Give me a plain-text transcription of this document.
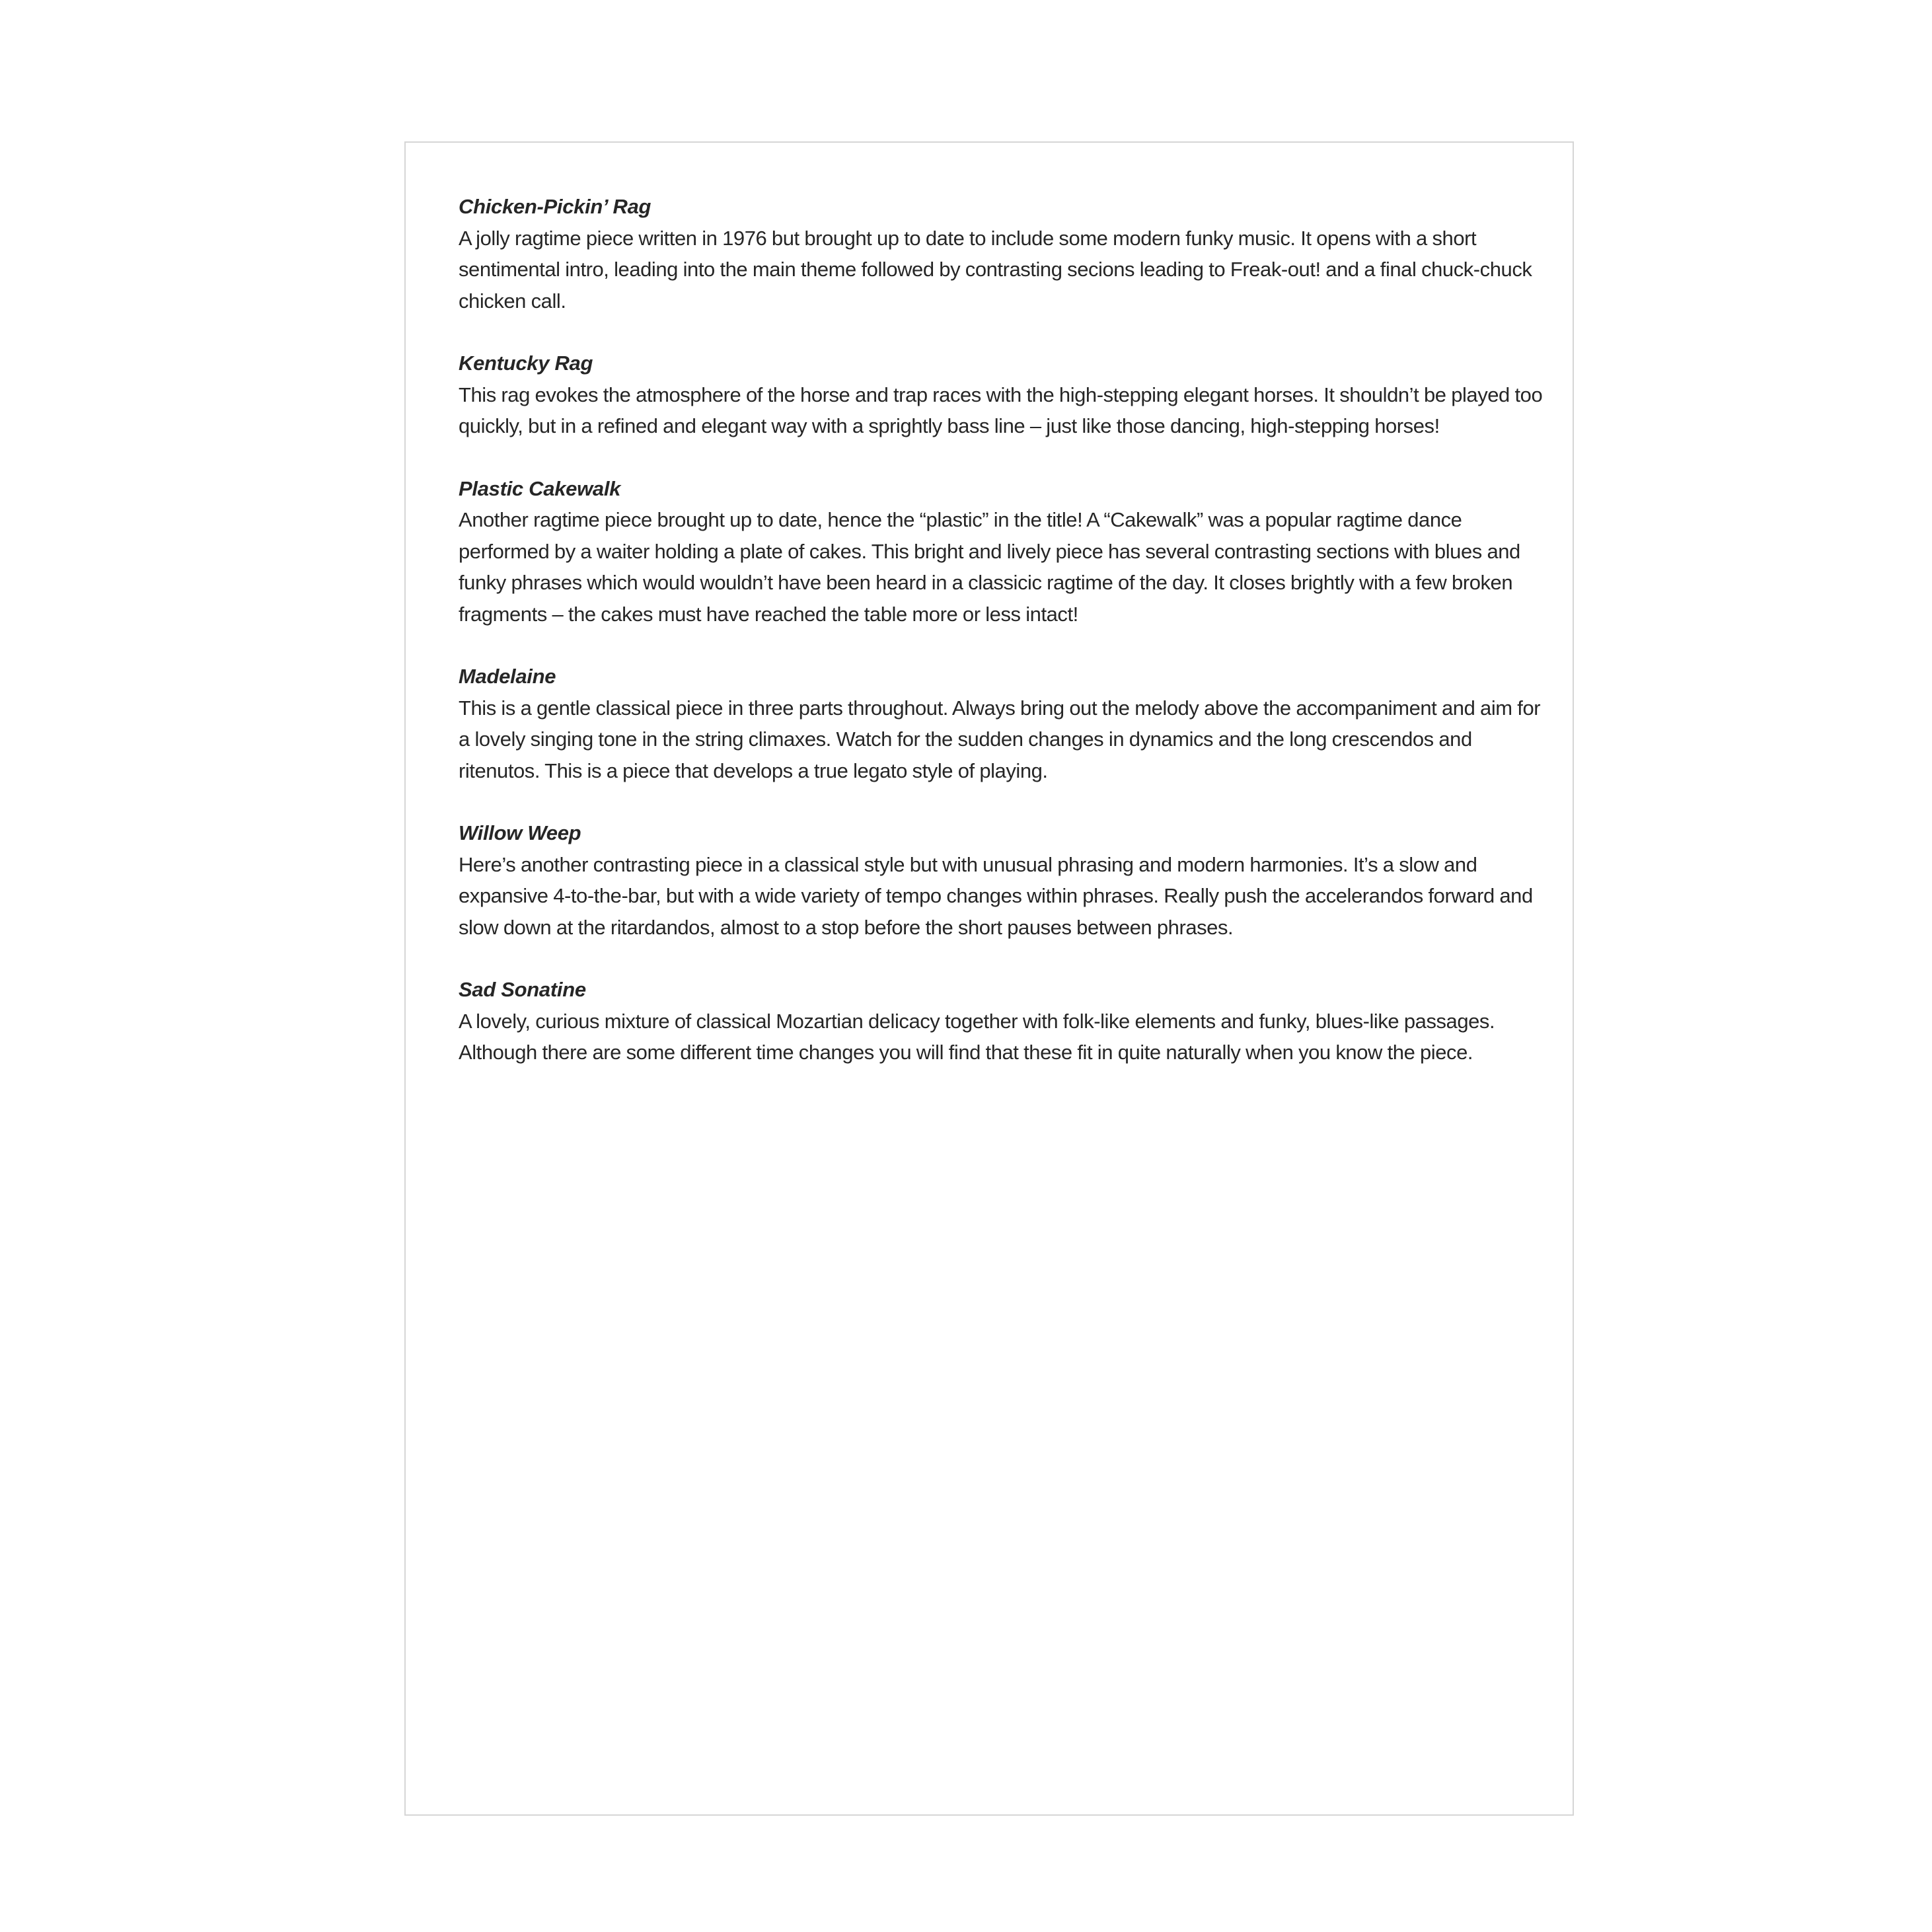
Chicken-Pickin’ Rag
A jolly ragtime piece written in 1976 but brought up to date to include some modern funky music. It opens with a short sentimental intro, leading into the main theme followed by contrasting secions leading to Freak-out! and a final chuck-chuck chicken call.
Kentucky Rag
This rag evokes the atmosphere of the horse and trap races with the high-stepping elegant horses. It shouldn’t be played too quickly, but in a refined and elegant way with a sprightly bass line – just like those dancing, high-stepping horses!
Plastic Cakewalk
Another ragtime piece brought up to date, hence the “plastic” in the title! A “Cakewalk” was a popular ragtime dance performed by a waiter holding a plate of cakes. This bright and lively piece has several contrasting sections with blues and funky phrases which would wouldn’t have been heard in a classicic ragtime of the day. It closes brightly with a few broken fragments – the cakes must have reached the table more or less intact!
Madelaine
This is a gentle classical piece in three parts throughout. Always bring out the melody above the accompaniment and aim for a lovely singing tone in the string climaxes. Watch for the sudden changes in dynamics and the long crescendos and ritenutos. This is a piece that develops a true legato style of playing.
Willow Weep
Here’s another contrasting piece in a classical style but with unusual phrasing and modern harmonies. It’s a slow and expansive 4-to-the-bar, but with a wide variety of tempo changes within phrases. Really push the accelerandos forward and slow down at the ritardandos, almost to a stop before the short pauses between phrases.
Sad Sonatine
A lovely, curious mixture of classical Mozartian delicacy together with folk-like elements and funky, blues-like passages. Although there are some different time changes you will find that these fit in quite naturally when you know the piece.
